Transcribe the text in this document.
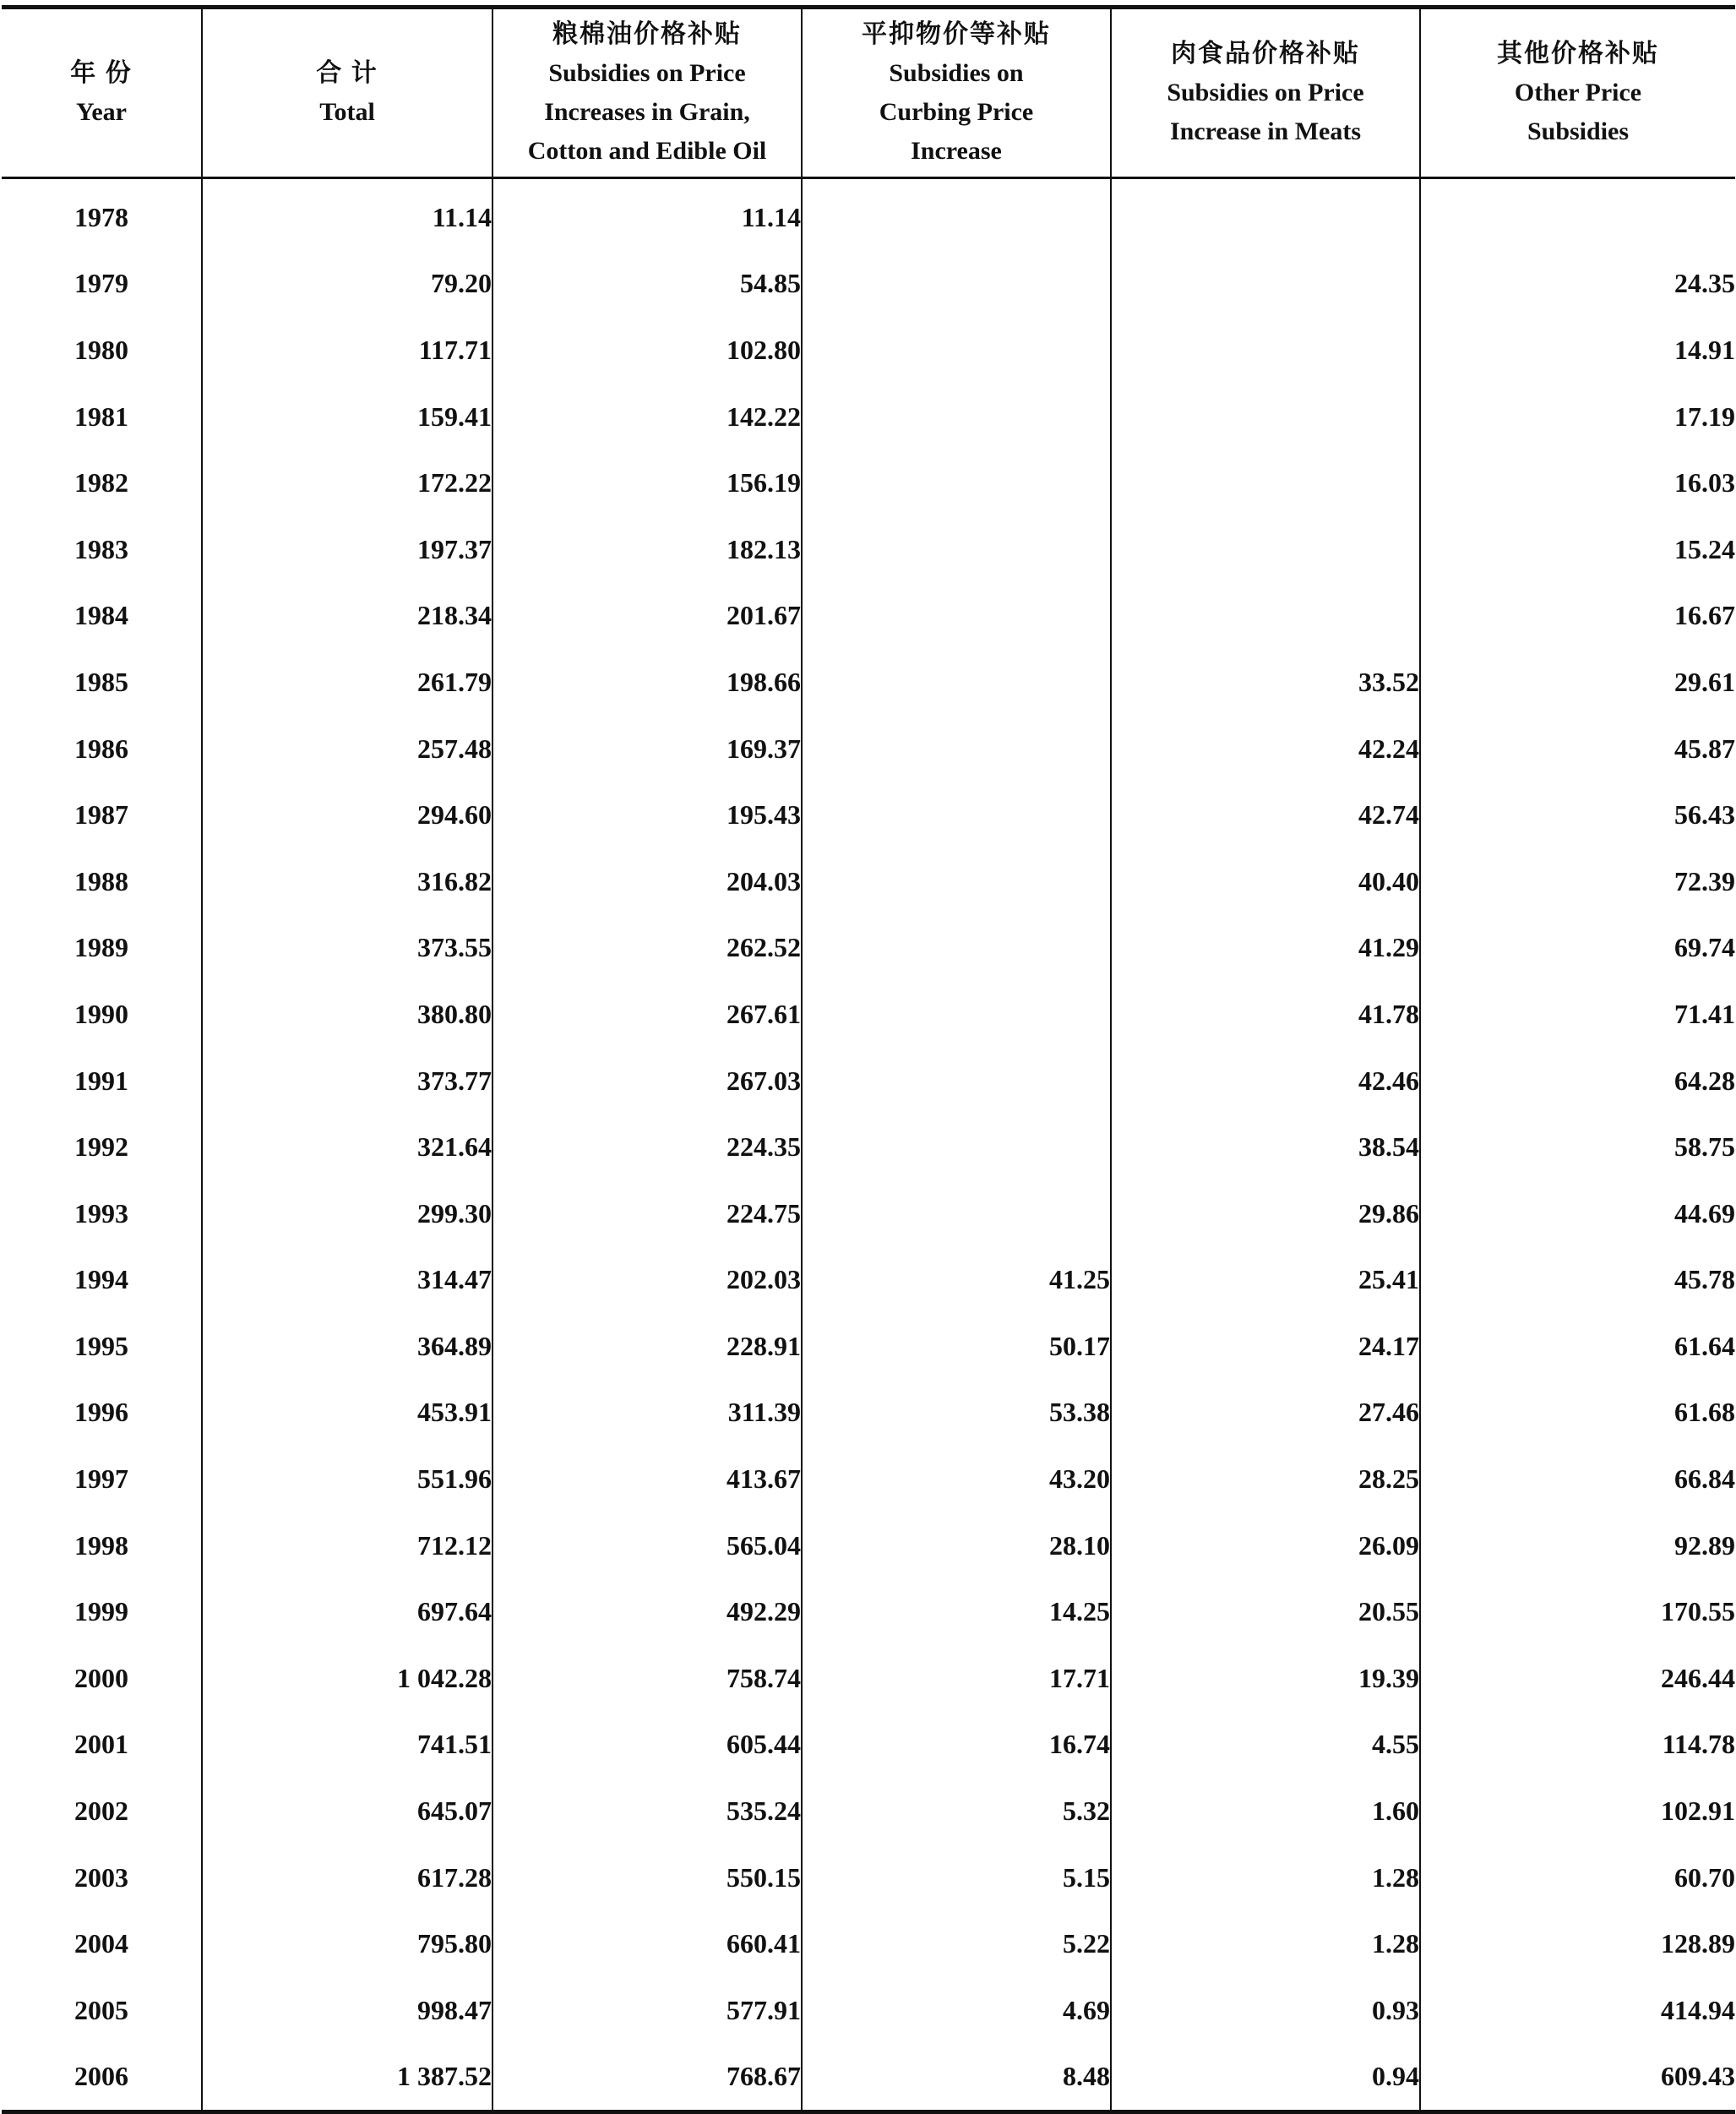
年 份
Year	合 计
Total	粮棉油价格补贴
Subsidies on Price
Increases in Grain,
Cotton and Edible Oil	平抑物价等补贴
Subsidies on
Curbing Price
Increase	肉食品价格补贴
Subsidies on Price
Increase in Meats	其他价格补贴
Other Price
Subsidies

1978	11.14	11.14			
1979	79.20	54.85			24.35
1980	117.71	102.80			14.91
1981	159.41	142.22			17.19
1982	172.22	156.19			16.03
1983	197.37	182.13			15.24
1984	218.34	201.67			16.67
1985	261.79	198.66		33.52	29.61
1986	257.48	169.37		42.24	45.87
1987	294.60	195.43		42.74	56.43
1988	316.82	204.03		40.40	72.39
1989	373.55	262.52		41.29	69.74
1990	380.80	267.61		41.78	71.41
1991	373.77	267.03		42.46	64.28
1992	321.64	224.35		38.54	58.75
1993	299.30	224.75		29.86	44.69
1994	314.47	202.03	41.25	25.41	45.78
1995	364.89	228.91	50.17	24.17	61.64
1996	453.91	311.39	53.38	27.46	61.68
1997	551.96	413.67	43.20	28.25	66.84
1998	712.12	565.04	28.10	26.09	92.89
1999	697.64	492.29	14.25	20.55	170.55
2000	1 042.28	758.74	17.71	19.39	246.44
2001	741.51	605.44	16.74	4.55	114.78
2002	645.07	535.24	5.32	1.60	102.91
2003	617.28	550.15	5.15	1.28	60.70
2004	795.80	660.41	5.22	1.28	128.89
2005	998.47	577.91	4.69	0.93	414.94
2006	1 387.52	768.67	8.48	0.94	609.43
